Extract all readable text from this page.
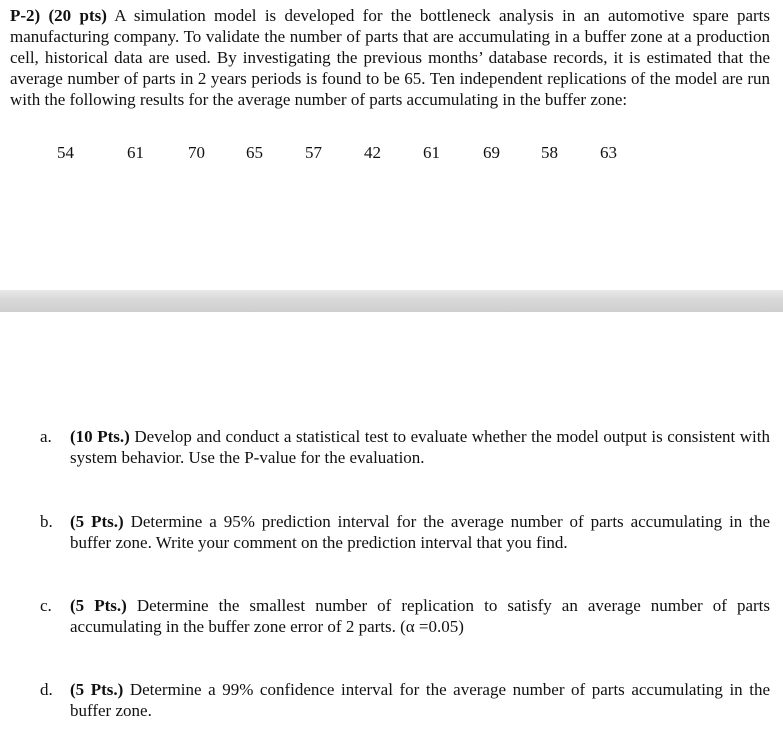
P-2) (20 pts) A simulation model is developed for the bottleneck analysis in an automotive spare parts manufacturing company. To validate the number of parts that are accumulating in a buffer zone at a production cell, historical data are used. By investigating the previous months’ database records, it is estimated that the average number of parts in 2 years periods is found to be 65. Ten independent replications of the model are run with the following results for the average number of parts accumulating in the buffer zone:
54	61	70 65 57 42 61	69 58 63
a. (10 Pts.) Develop and conduct a statistical test to evaluate whether the model output is consistent with system behavior. Use the P-value for the evaluation.
b. (5 Pts.) Determine a 95% prediction interval for the average number of parts accumulating in the buffer zone. Write your comment on the prediction interval that you find.
c. (5 Pts.) Determine the smallest number of replication to satisfy an average number of parts accumulating in the buffer zone error of 2 parts. (α =0.05)
d. (5 Pts.) Determine a 99% confidence interval for the average number of parts accumulating in the buffer zone.
